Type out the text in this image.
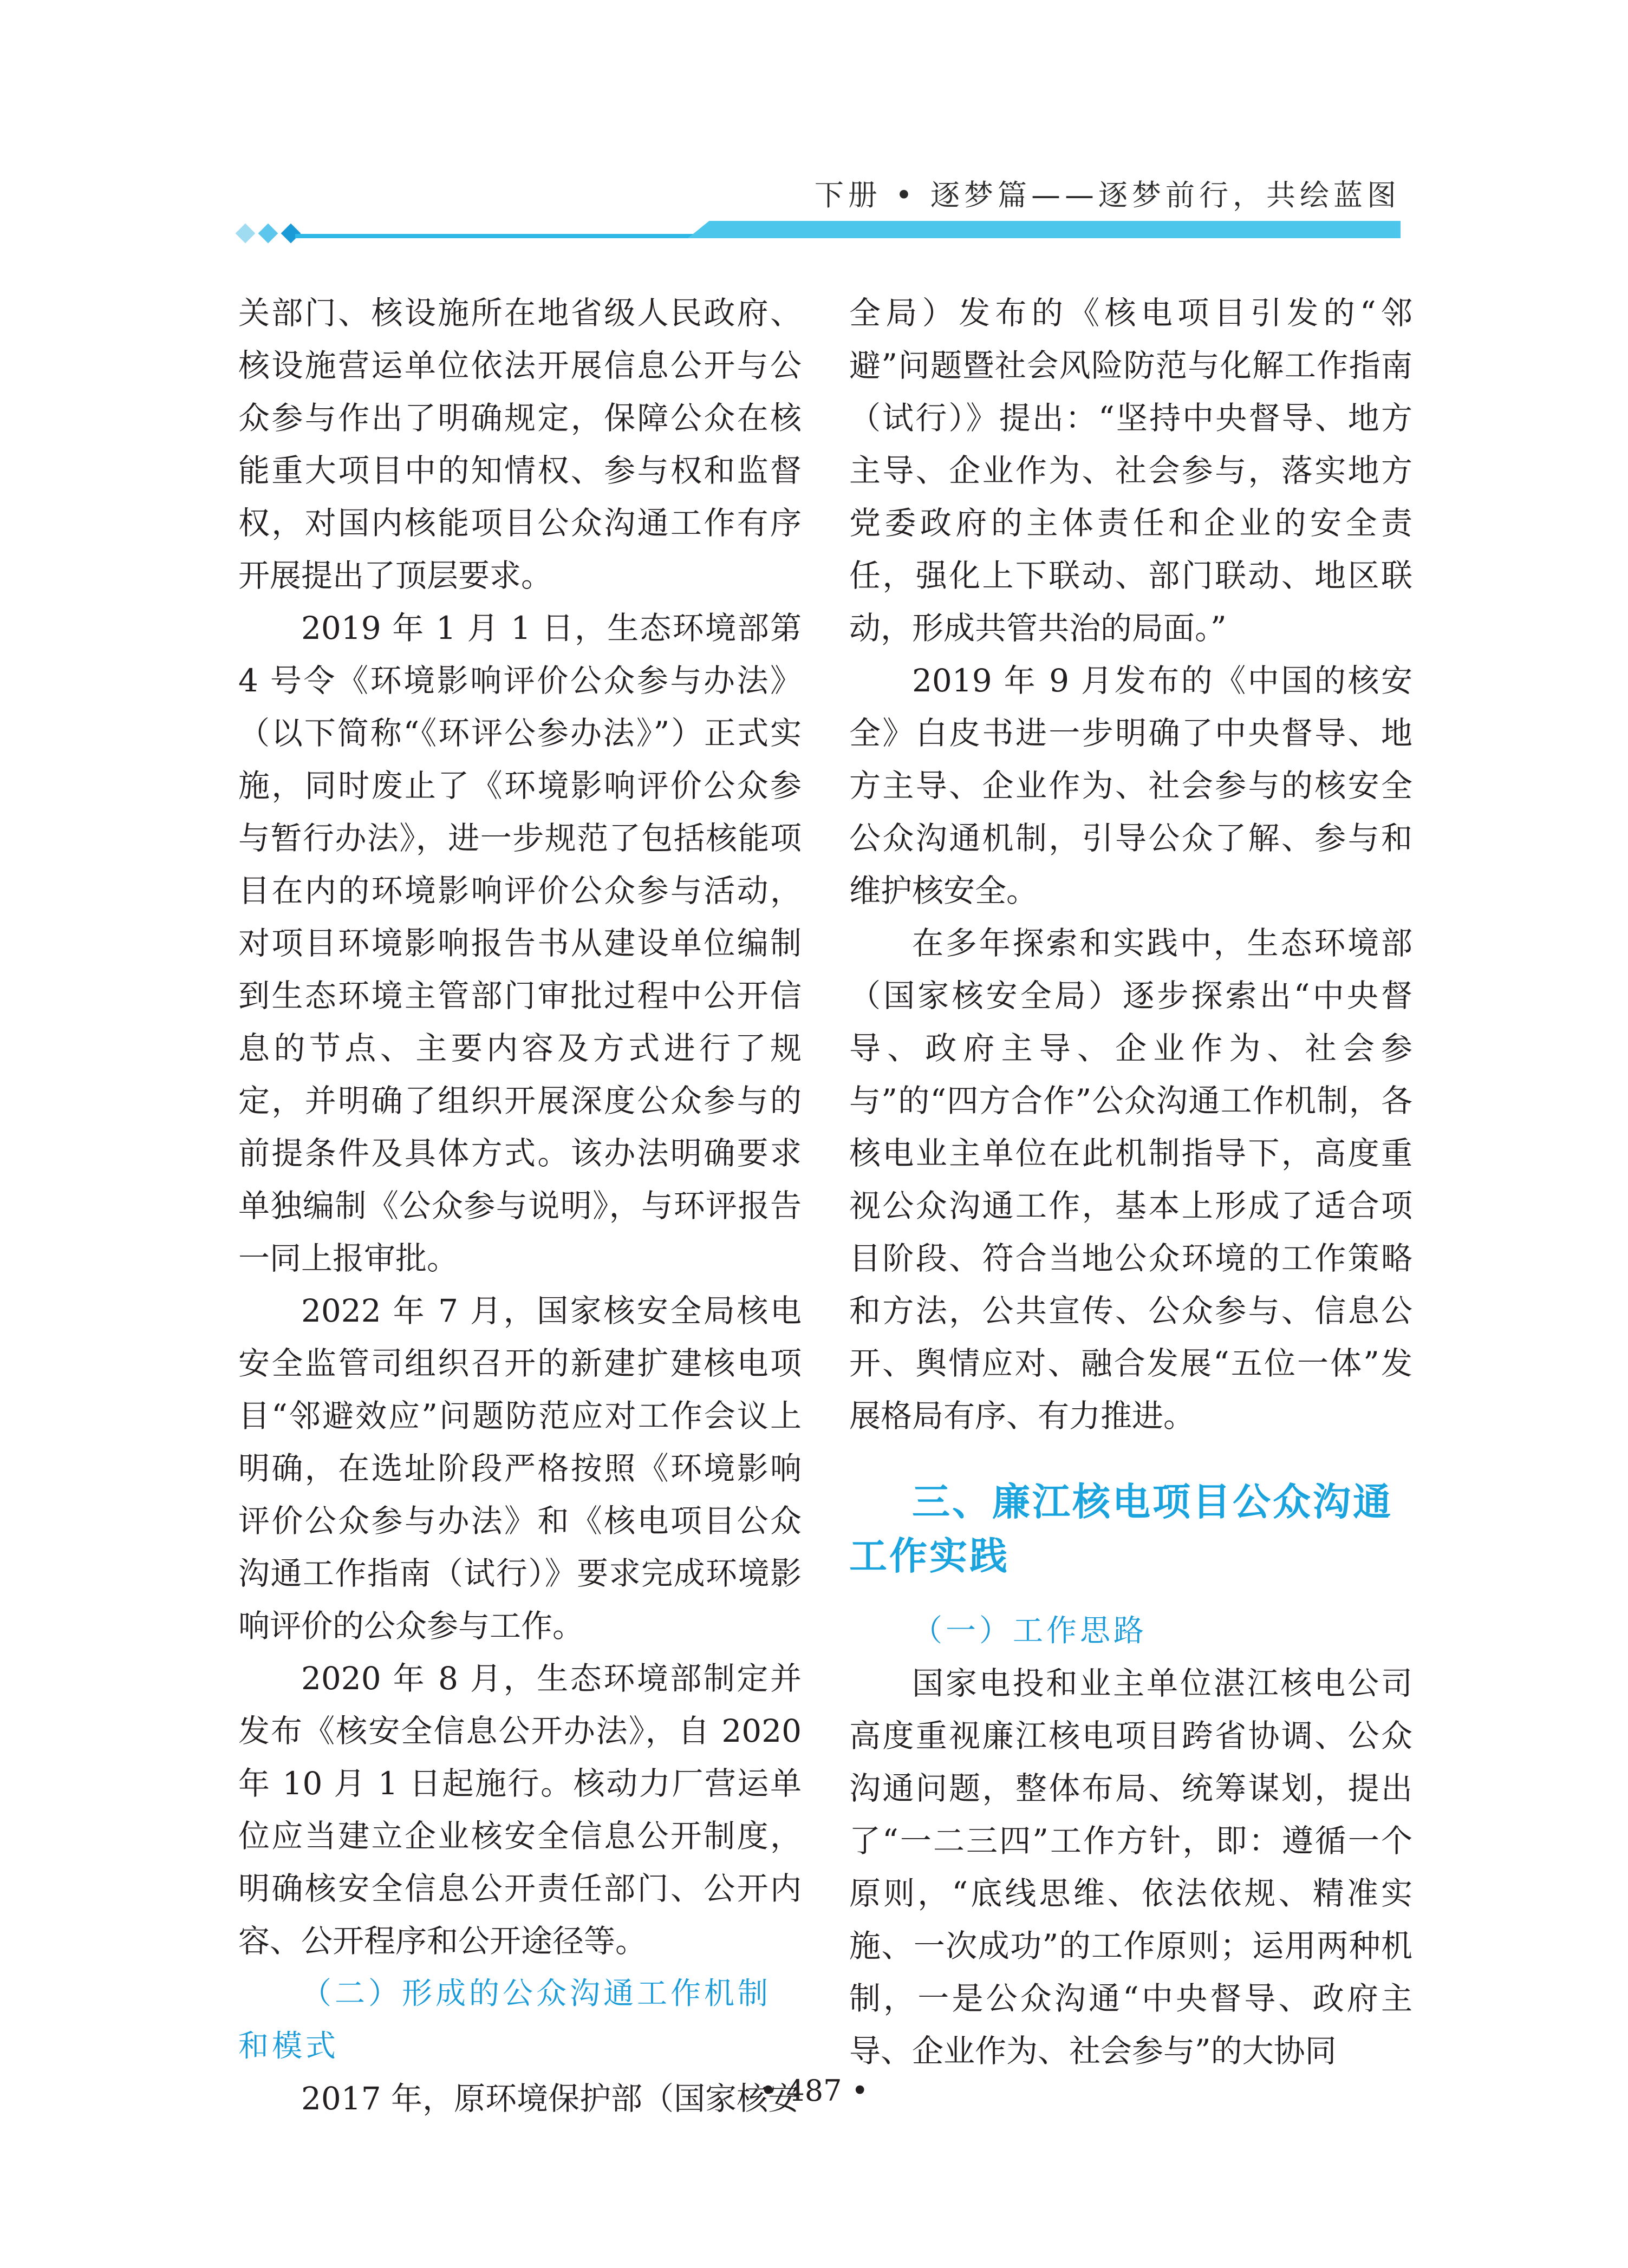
下册 • 逐梦篇——逐梦前行，共绘蓝图

关部门、核设施所在地省级人民政府、核设施营运单位依法开展信息公开与公众参与作出了明确规定，保障公众在核能重大项目中的知情权、参与权和监督权，对国内核能项目公众沟通工作有序开展提出了顶层要求。

2019 年 1 月 1 日，生态环境部第 4 号令《环境影响评价公众参与办法》（以下简称“《环评公参办法》”）正式实施，同时废止了《环境影响评价公众参与暂行办法》，进一步规范了包括核能项目在内的环境影响评价公众参与活动，对项目环境影响报告书从建设单位编制到生态环境主管部门审批过程中公开信息的节点、主要内容及方式进行了规定，并明确了组织开展深度公众参与的前提条件及具体方式。该办法明确要求单独编制《公众参与说明》，与环评报告一同上报审批。

2022 年 7 月，国家核安全局核电安全监管司组织召开的新建扩建核电项目“邻避效应”问题防范应对工作会议上明确，在选址阶段严格按照《环境影响评价公众参与办法》和《核电项目公众沟通工作指南（试行）》要求完成环境影响评价的公众参与工作。

2020 年 8 月，生态环境部制定并发布《核安全信息公开办法》，自 2020 年 10 月 1 日起施行。核动力厂营运单位应当建立企业核安全信息公开制度，明确核安全信息公开责任部门、公开内容、公开程序和公开途径等。

（二）形成的公众沟通工作机制和模式

2017 年，原环境保护部（国家核安

全局）发布的《核电项目引发的“邻避”问题暨社会风险防范与化解工作指南（试行）》提出：“坚持中央督导、地方主导、企业作为、社会参与，落实地方党委政府的主体责任和企业的安全责任，强化上下联动、部门联动、地区联动，形成共管共治的局面。”

2019 年 9 月发布的《中国的核安全》白皮书进一步明确了中央督导、地方主导、企业作为、社会参与的核安全公众沟通机制，引导公众了解、参与和维护核安全。

在多年探索和实践中，生态环境部（国家核安全局）逐步探索出“中央督导、政府主导、企业作为、社会参与”的“四方合作”公众沟通工作机制，各核电业主单位在此机制指导下，高度重视公众沟通工作，基本上形成了适合项目阶段、符合当地公众环境的工作策略和方法，公共宣传、公众参与、信息公开、舆情应对、融合发展“五位一体”发展格局有序、有力推进。

三、廉江核电项目公众沟通工作实践

（一）工作思路

国家电投和业主单位湛江核电公司高度重视廉江核电项目跨省协调、公众沟通问题，整体布局、统筹谋划，提出了“一二三四”工作方针，即：遵循一个原则，“底线思维、依法依规、精准实施、一次成功”的工作原则；运用两种机制，一是公众沟通“中央督导、政府主导、企业作为、社会参与”的大协同

• 487 •
